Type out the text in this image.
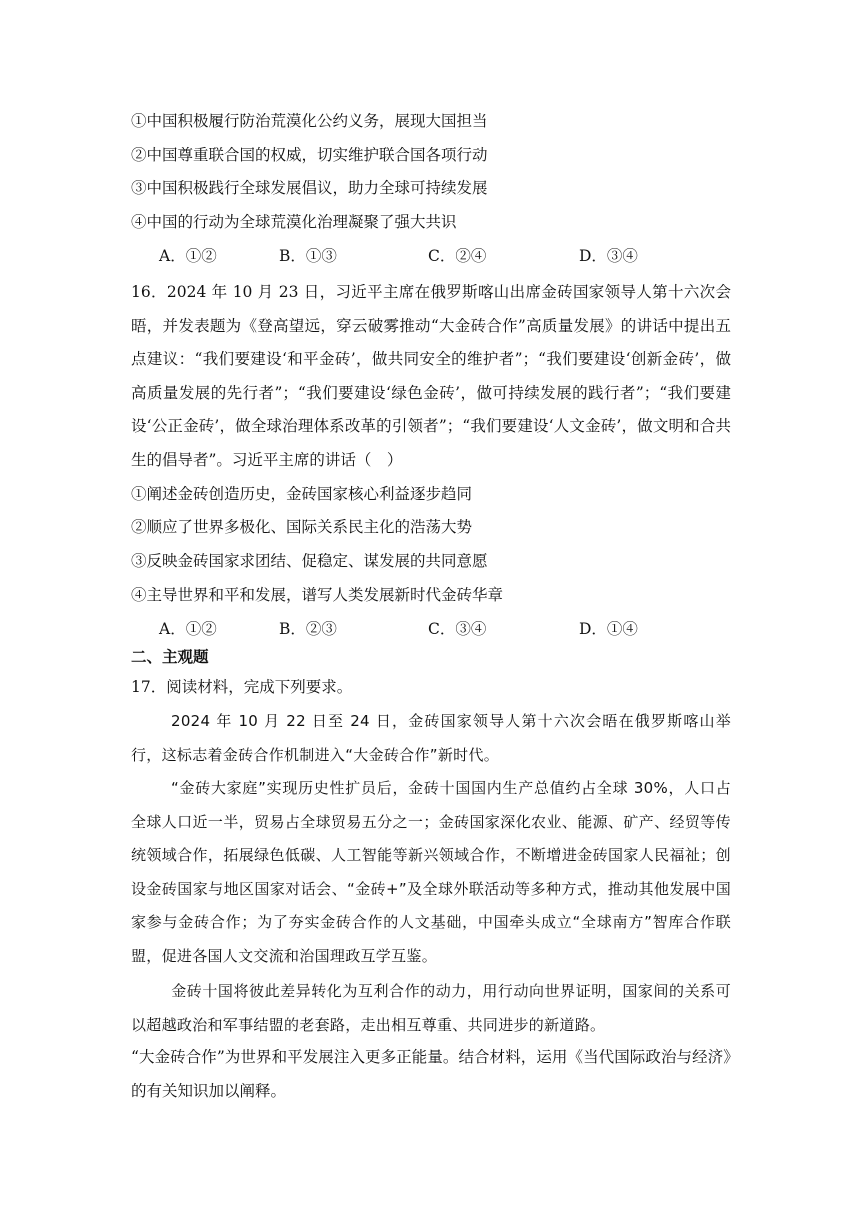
①中国积极履行防治荒漠化公约义务，展现大国担当
②中国尊重联合国的权威，切实维护联合国各项行动
③中国积极践行全球发展倡议，助力全球可持续发展
④中国的行动为全球荒漠化治理凝聚了强大共识
A．①②	B．①③	C．②④	D．③④
16．2024 年 10 月 23 日，习近平主席在俄罗斯喀山出席金砖国家领导人第十六次会晤，并发表题为《登高望远，穿云破雾推动“大金砖合作”高质量发展》的讲话中提出五点建议：“我们要建设‘和平金砖’，做共同安全的维护者”；“我们要建设‘创新金砖’，做高质量发展的先行者”；“我们要建设‘绿色金砖’，做可持续发展的践行者”；“我们要建设‘公正金砖’，做全球治理体系改革的引领者”；“我们要建设‘人文金砖’，做文明和合共生的倡导者”。习近平主席的讲话（　）
①阐述金砖创造历史，金砖国家核心利益逐步趋同
②顺应了世界多极化、国际关系民主化的浩荡大势
③反映金砖国家求团结、促稳定、谋发展的共同意愿
④主导世界和平和发展，谱写人类发展新时代金砖华章
A．①②	B．②③	C．③④	D．①④
二、主观题
17．阅读材料，完成下列要求。
2024 年 10 月 22 日至 24 日，金砖国家领导人第十六次会晤在俄罗斯喀山举行，这标志着金砖合作机制进入“大金砖合作”新时代。
“金砖大家庭”实现历史性扩员后，金砖十国国内生产总值约占全球 30%，人口占全球人口近一半，贸易占全球贸易五分之一；金砖国家深化农业、能源、矿产、经贸等传统领域合作，拓展绿色低碳、人工智能等新兴领域合作，不断增进金砖国家人民福祉；创设金砖国家与地区国家对话会、“金砖+”及全球外联活动等多种方式，推动其他发展中国家参与金砖合作；为了夯实金砖合作的人文基础，中国牵头成立“全球南方”智库合作联盟，促进各国人文交流和治国理政互学互鉴。
金砖十国将彼此差异转化为互利合作的动力，用行动向世界证明，国家间的关系可以超越政治和军事结盟的老套路，走出相互尊重、共同进步的新道路。
“大金砖合作”为世界和平发展注入更多正能量。结合材料，运用《当代国际政治与经济》的有关知识加以阐释。
